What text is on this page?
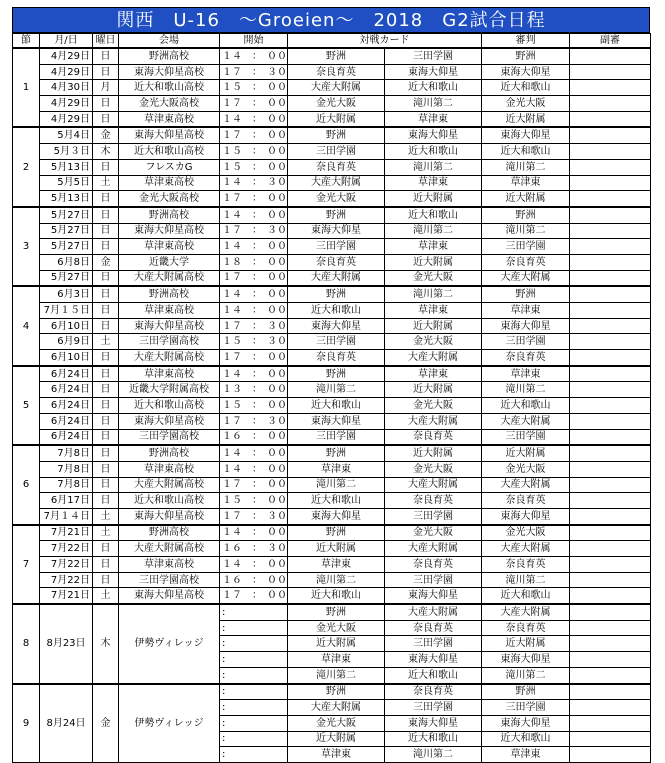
関西　U-16　～Groeien～　2018　G2試合日程
節	月/日	曜日	会場	開始	対戦カード		審判	副審
1	4月29日	日	野洲高校	１４　：　００	野洲	三田学園	野洲	
	4月29日	日	東海大仰星高校	１７　：　３０	奈良育英	東海大仰星	東海大仰星	
	4月30日	月	近大和歌山高校	１５　：　００	大産大附属	近大和歌山	近大和歌山	
	4月29日	日	金光大阪高校	１７　：　００	金光大阪	滝川第二	金光大阪	
	4月29日	日	草津東高校	１４　：　００	近大附属	草津東	近大附属	
2	5月4日	金	東海大仰星高校	１７　：　００	野洲	東海大仰星	東海大仰星	
	5月３日	木	近大和歌山高校	１５　：　００	三田学園	近大和歌山	近大和歌山	
	5月13日	日	フレスカG	１５　：　００	奈良育英	滝川第二	滝川第二	
	5月5日	土	草津東高校	１４　：　３０	大産大附属	草津東	草津東	
	5月13日	日	金光大阪高校	１７　：　００	金光大阪	近大附属	近大附属	
3	5月27日	日	野洲高校	１４　：　００	野洲	近大和歌山	野洲	
	5月27日	日	東海大仰星高校	１７　：　３０	東海大仰星	滝川第二	滝川第二	
	5月27日	日	草津東高校	１４　：　００	三田学園	草津東	三田学園	
	6月8日	金	近畿大学	１８　：　００	奈良育英	近大附属	奈良育英	
	5月27日	日	大産大附属高校	１７　：　００	大産大附属	金光大阪	大産大附属	
4	6月3日	日	野洲高校	１４　：　００	野洲	滝川第二	野洲	
	7月１５日	日	草津東高校	１４　：　００	近大和歌山	草津東	草津東	
	6月10日	日	東海大仰星高校	１７　：　３０	東海大仰星	近大附属	東海大仰星	
	6月9日	土	三田学園高校	１５　：　３０	三田学園	金光大阪	三田学園	
	6月10日	日	大産大附属高校	１７　：　００	奈良育英	大産大附属	奈良育英	
5	6月24日	日	草津東高校	１４　：　００	野洲	草津東	草津東	
	6月24日	日	近畿大学附属高校	１３　：　００	滝川第二	近大附属	滝川第二	
	6月24日	日	近大和歌山高校	１５　：　００	近大和歌山	金光大阪	近大和歌山	
	6月24日	日	東海大仰星高校	１７　：　３０	東海大仰星	大産大附属	大産大附属	
	6月24日	日	三田学園高校	１６　：　００	三田学園	奈良育英	三田学園	
6	7月8日	日	野洲高校	１４　：　００	野洲	近大附属	近大附属	
	7月8日	日	草津東高校	１４　：　００	草津東	金光大阪	金光大阪	
	7月8日	日	大産大附属高校	１７　：　００	滝川第二	大産大附属	大産大附属	
	6月17日	日	近大和歌山高校	１５　：　００	近大和歌山	奈良育英	奈良育英	
	7月１４日	土	東海大仰星高校	１７　：　３０	東海大仰星	三田学園	東海大仰星	
7	7月21日	土	野洲高校	１４　：　００	野洲	金光大阪	金光大阪	
	7月22日	日	大産大附属高校	１６　：　３０	近大附属	大産大附属	大産大附属	
	7月22日	日	草津東高校	１４　：　００	草津東	奈良育英	奈良育英	
	7月22日	日	三田学園高校	１６　：　００	滝川第二	三田学園	滝川第二	
	7月21日	土	東海大仰星高校	１７　：　００	近大和歌山	東海大仰星	近大和歌山	
8	8月23日	木	伊勢ヴィレッジ	:	野洲	大産大附属	大産大附属	
				:	金光大阪	奈良育英	奈良育英	
				:	近大附属	三田学園	近大附属	
				:	草津東	東海大仰星	東海大仰星	
				:	滝川第二	近大和歌山	滝川第二	
9	8月24日	金	伊勢ヴィレッジ	:	野洲	奈良育英	野洲	
				:	大産大附属	三田学園	三田学園	
				:	金光大阪	東海大仰星	東海大仰星	
				:	近大附属	近大和歌山	近大和歌山	
				:	草津東	滝川第二	草津東	
